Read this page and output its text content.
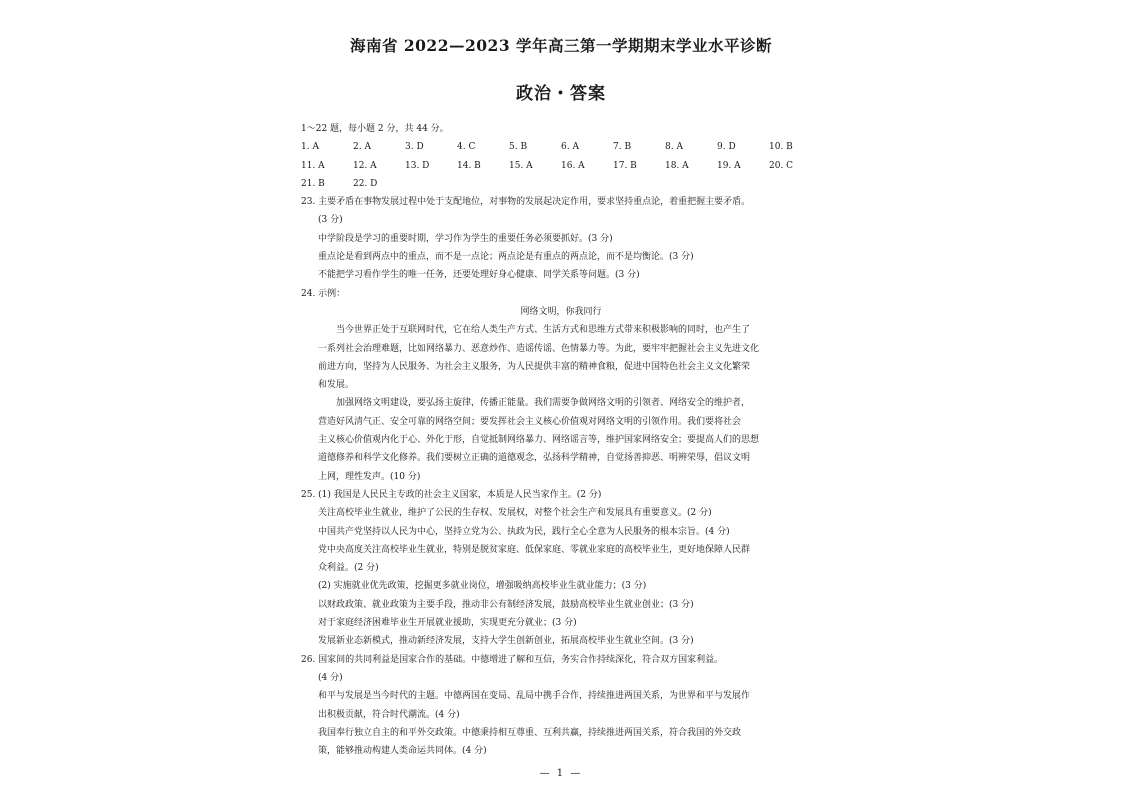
海南省 2022—2023 学年高三第一学期期末学业水平诊断
政治・答案
1～22 题，每小题 2 分，共 44 分。
1. A	2. A	3. D	4. C	5. B	6. A	7. B	8. A	9. D	10. B
11. A	12. A	13. D	14. B	15. A	16. A	17. B	18. A	19. A	20. C
21. B	22. D
23. 主要矛盾在事物发展过程中处于支配地位，对事物的发展起决定作用，要求坚持重点论，着重把握主要矛盾。
(3 分)
中学阶段是学习的重要时期，学习作为学生的重要任务必须要抓好。(3 分)
重点论是看到两点中的重点，而不是一点论；两点论是有重点的两点论，而不是均衡论。(3 分)
不能把学习看作学生的唯一任务，还要处理好身心健康、同学关系等问题。(3 分)
24. 示例：
网络文明，你我同行
当今世界正处于互联网时代，它在给人类生产方式、生活方式和思维方式带来积极影响的同时，也产生了
一系列社会治理难题，比如网络暴力、恶意炒作、造谣传谣、色情暴力等。为此，要牢牢把握社会主义先进文化
前进方向，坚持为人民服务、为社会主义服务，为人民提供丰富的精神食粮，促进中国特色社会主义文化繁荣
和发展。
加强网络文明建设，要弘扬主旋律，传播正能量。我们需要争做网络文明的引领者、网络安全的维护者，
营造好风清气正、安全可靠的网络空间；要发挥社会主义核心价值观对网络文明的引领作用。我们要将社会
主义核心价值观内化于心、外化于形，自觉抵制网络暴力、网络谣言等，维护国家网络安全；要提高人们的思想
道德修养和科学文化修养。我们要树立正确的道德观念，弘扬科学精神，自觉扬善抑恶、明辨荣辱，倡议文明
上网，理性发声。(10 分)
25. (1) 我国是人民民主专政的社会主义国家，本质是人民当家作主。(2 分)
关注高校毕业生就业，维护了公民的生存权、发展权，对整个社会生产和发展具有重要意义。(2 分)
中国共产党坚持以人民为中心，坚持立党为公、执政为民，践行全心全意为人民服务的根本宗旨。(4 分)
党中央高度关注高校毕业生就业，特别是脱贫家庭、低保家庭、零就业家庭的高校毕业生，更好地保障人民群
众利益。(2 分)
(2) 实施就业优先政策，挖掘更多就业岗位，增强吸纳高校毕业生就业能力；(3 分)
以财政政策、就业政策为主要手段，推动非公有制经济发展，鼓励高校毕业生就业创业；(3 分)
对于家庭经济困难毕业生开展就业援助，实现更充分就业；(3 分)
发展新业态新模式，推动新经济发展，支持大学生创新创业，拓展高校毕业生就业空间。(3 分)
26. 国家间的共同利益是国家合作的基础。中德增进了解和互信，务实合作持续深化，符合双方国家利益。
(4 分)
和平与发展是当今时代的主题。中德两国在变局、乱局中携手合作，持续推进两国关系，为世界和平与发展作
出积极贡献，符合时代潮流。(4 分)
我国奉行独立自主的和平外交政策。中德秉持相互尊重、互利共赢，持续推进两国关系，符合我国的外交政
策，能够推动构建人类命运共同体。(4 分)
— 1 —
